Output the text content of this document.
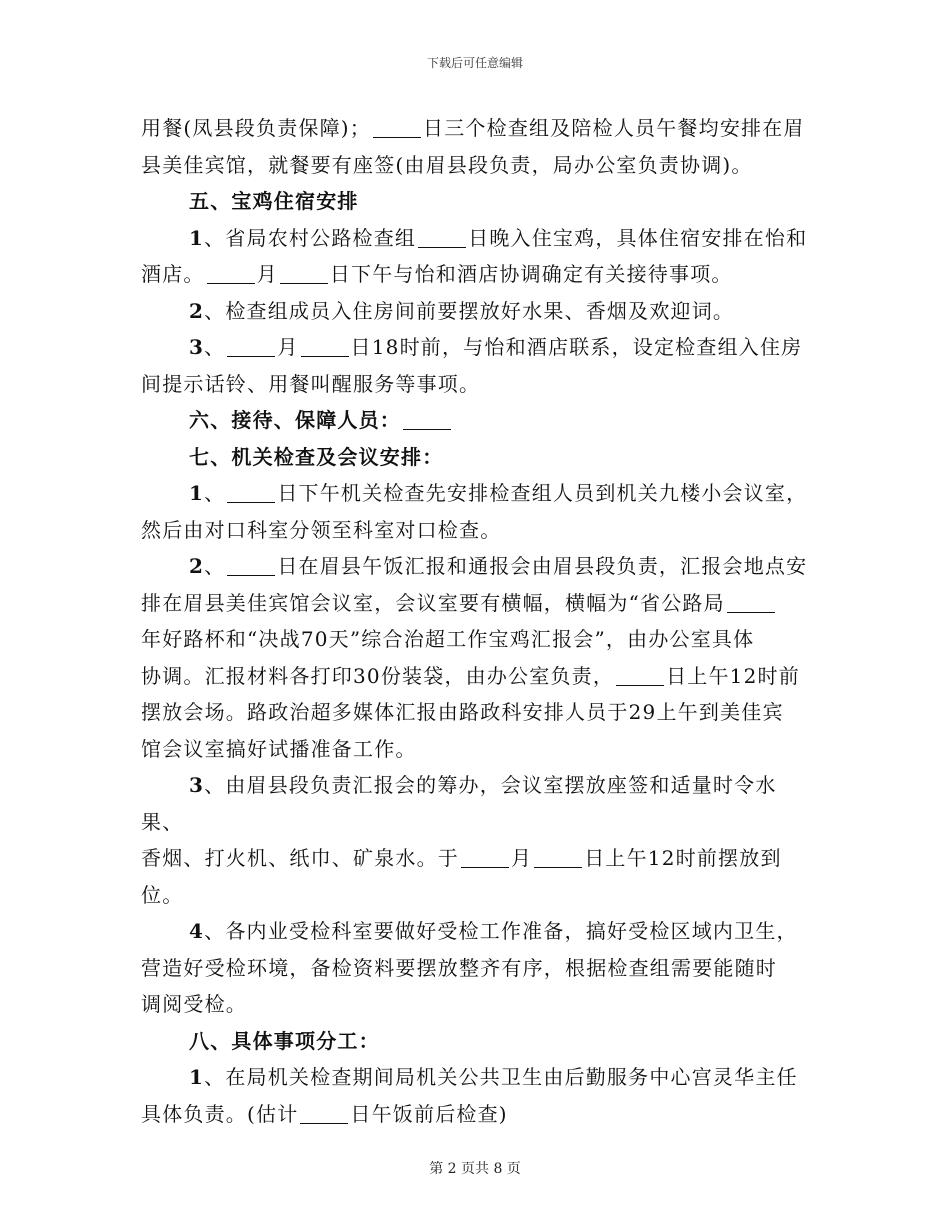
下载后可任意编辑

用餐(凤县段负责保障)；	日三个检查组及陪检人员午餐均安排在眉
县美佳宾馆，就餐要有座签(由眉县段负责，局办公室负责协调)。

五、宝鸡住宿安排

1、省局农村公路检查组	日晚入住宝鸡，具体住宿安排在怡和
酒店。	月	日下午与怡和酒店协调确定有关接待事项。

2、检查组成员入住房间前要摆放好水果、香烟及欢迎词。

3、	月	日18时前，与怡和酒店联系，设定检查组入住房
间提示话铃、用餐叫醒服务等事项。

六、接待、保障人员：

七、机关检查及会议安排：

1、	日下午机关检查先安排检查组人员到机关九楼小会议室，
然后由对口科室分领至科室对口检查。

2、	日在眉县午饭汇报和通报会由眉县段负责，汇报会地点安
排在眉县美佳宾馆会议室，会议室要有横幅，横幅为“省公路局
年好路杯和“决战70天”综合治超工作宝鸡汇报会”，由办公室具体
协调。汇报材料各打印30份装袋，由办公室负责，	日上午12时前
摆放会场。路政治超多媒体汇报由路政科安排人员于29上午到美佳宾
馆会议室搞好试播准备工作。

3、由眉县段负责汇报会的筹办，会议室摆放座签和适量时令水果、
香烟、打火机、纸巾、矿泉水。于	月	日上午12时前摆放到位。

4、各内业受检科室要做好受检工作准备，搞好受检区域内卫生，
营造好受检环境，备检资料要摆放整齐有序，根据检查组需要能随时
调阅受检。

八、具体事项分工：

1、在局机关检查期间局机关公共卫生由后勤服务中心宫灵华主任
具体负责。(估计	日午饭前后检查)

第 2 页共 8 页
